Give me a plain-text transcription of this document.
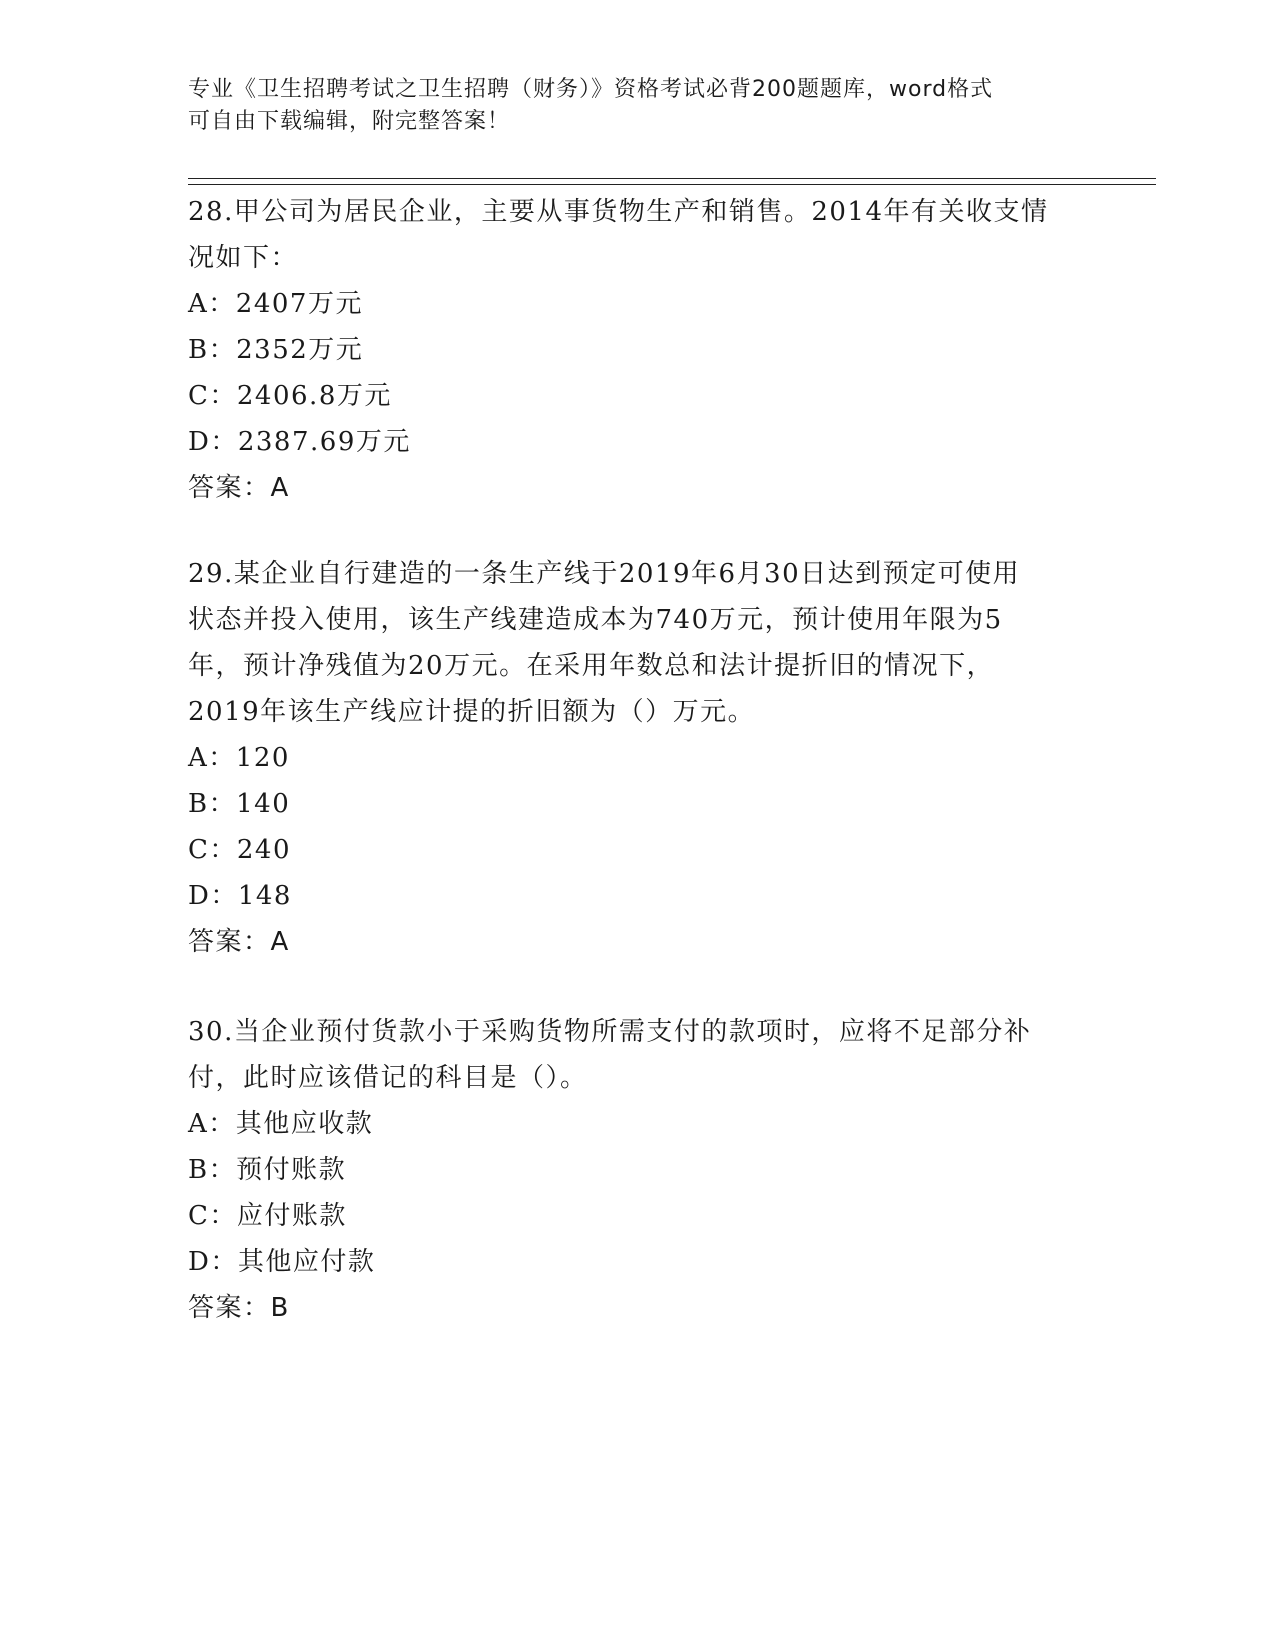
专业《卫生招聘考试之卫生招聘（财务）》资格考试必背200题题库，word格式
可自由下载编辑，附完整答案！

28.甲公司为居民企业，主要从事货物生产和销售。2014年有关收支情

况如下：

A：2407万元

B：2352万元

C：2406.8万元

D：2387.69万元

答案：A

29.某企业自行建造的一条生产线于2019年6月30日达到预定可使用

状态并投入使用，该生产线建造成本为740万元，预计使用年限为5

年，预计净残值为20万元。在采用年数总和法计提折旧的情况下，

2019年该生产线应计提的折旧额为（）万元。

A：120

B：140

C：240

D：148

答案：A

30.当企业预付货款小于采购货物所需支付的款项时，应将不足部分补

付，此时应该借记的科目是（）。

A：其他应收款

B：预付账款

C：应付账款

D：其他应付款

答案：B
